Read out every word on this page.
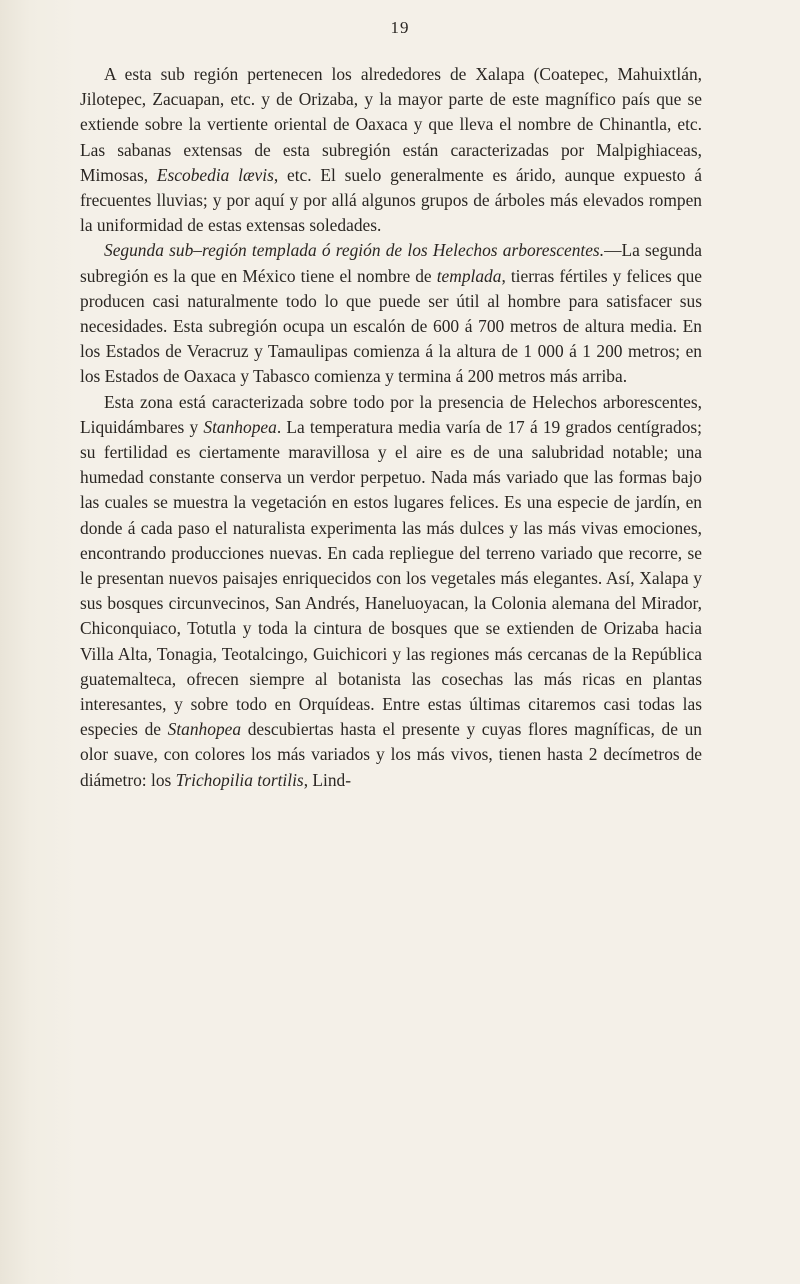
19

A esta sub región pertenecen los alrededores de Xalapa (Coatepec, Mahuixtlán, Jilotepec, Zacuapan, etc. y de Orizaba, y la mayor parte de este magnífico país que se extiende sobre la vertiente oriental de Oaxaca y que lleva el nombre de Chinantla, etc. Las sabanas extensas de esta subregión están caracterizadas por Malpighiaceas, Mimosas, Escobedia lævis, etc. El suelo generalmente es árido, aunque expuesto á frecuentes lluvias; y por aquí y por allá algunos grupos de árboles más elevados rompen la uniformidad de estas extensas soledades.

Segunda sub–región templada ó región de los Helechos arborescentes.—La segunda subregión es la que en México tiene el nombre de templada, tierras fértiles y felices que producen casi naturalmente todo lo que puede ser útil al hombre para satisfacer sus necesidades. Esta subregión ocupa un escalón de 600 á 700 metros de altura media. En los Estados de Veracruz y Tamaulipas comienza á la altura de 1 000 á 1 200 metros; en los Estados de Oaxaca y Tabasco comienza y termina á 200 metros más arriba.

Esta zona está caracterizada sobre todo por la presencia de Helechos arborescentes, Liquidámbares y Stanhopea. La temperatura media varía de 17 á 19 grados centígrados; su fertilidad es ciertamente maravillosa y el aire es de una salubridad notable; una humedad constante conserva un verdor perpetuo. Nada más variado que las formas bajo las cuales se muestra la vegetación en estos lugares felices. Es una especie de jardín, en donde á cada paso el naturalista experimenta las más dulces y las más vivas emociones, encontrando producciones nuevas. En cada repliegue del terreno variado que recorre, se le presentan nuevos paisajes enriquecidos con los vegetales más elegantes. Así, Xalapa y sus bosques circunvecinos, San Andrés, Haneluoyacan, la Colonia alemana del Mirador, Chiconquiaco, Totutla y toda la cintura de bosques que se extienden de Orizaba hacia Villa Alta, Tonagia, Teotalcingo, Guichicori y las regiones más cercanas de la República guatemalteca, ofrecen siempre al botanista las cosechas las más ricas en plantas interesantes, y sobre todo en Orquídeas. Entre estas últimas citaremos casi todas las especies de Stanhopea descubiertas hasta el presente y cuyas flores magníficas, de un olor suave, con colores los más variados y los más vivos, tienen hasta 2 decímetros de diámetro: los Trichopilia tortilis, Lind-
